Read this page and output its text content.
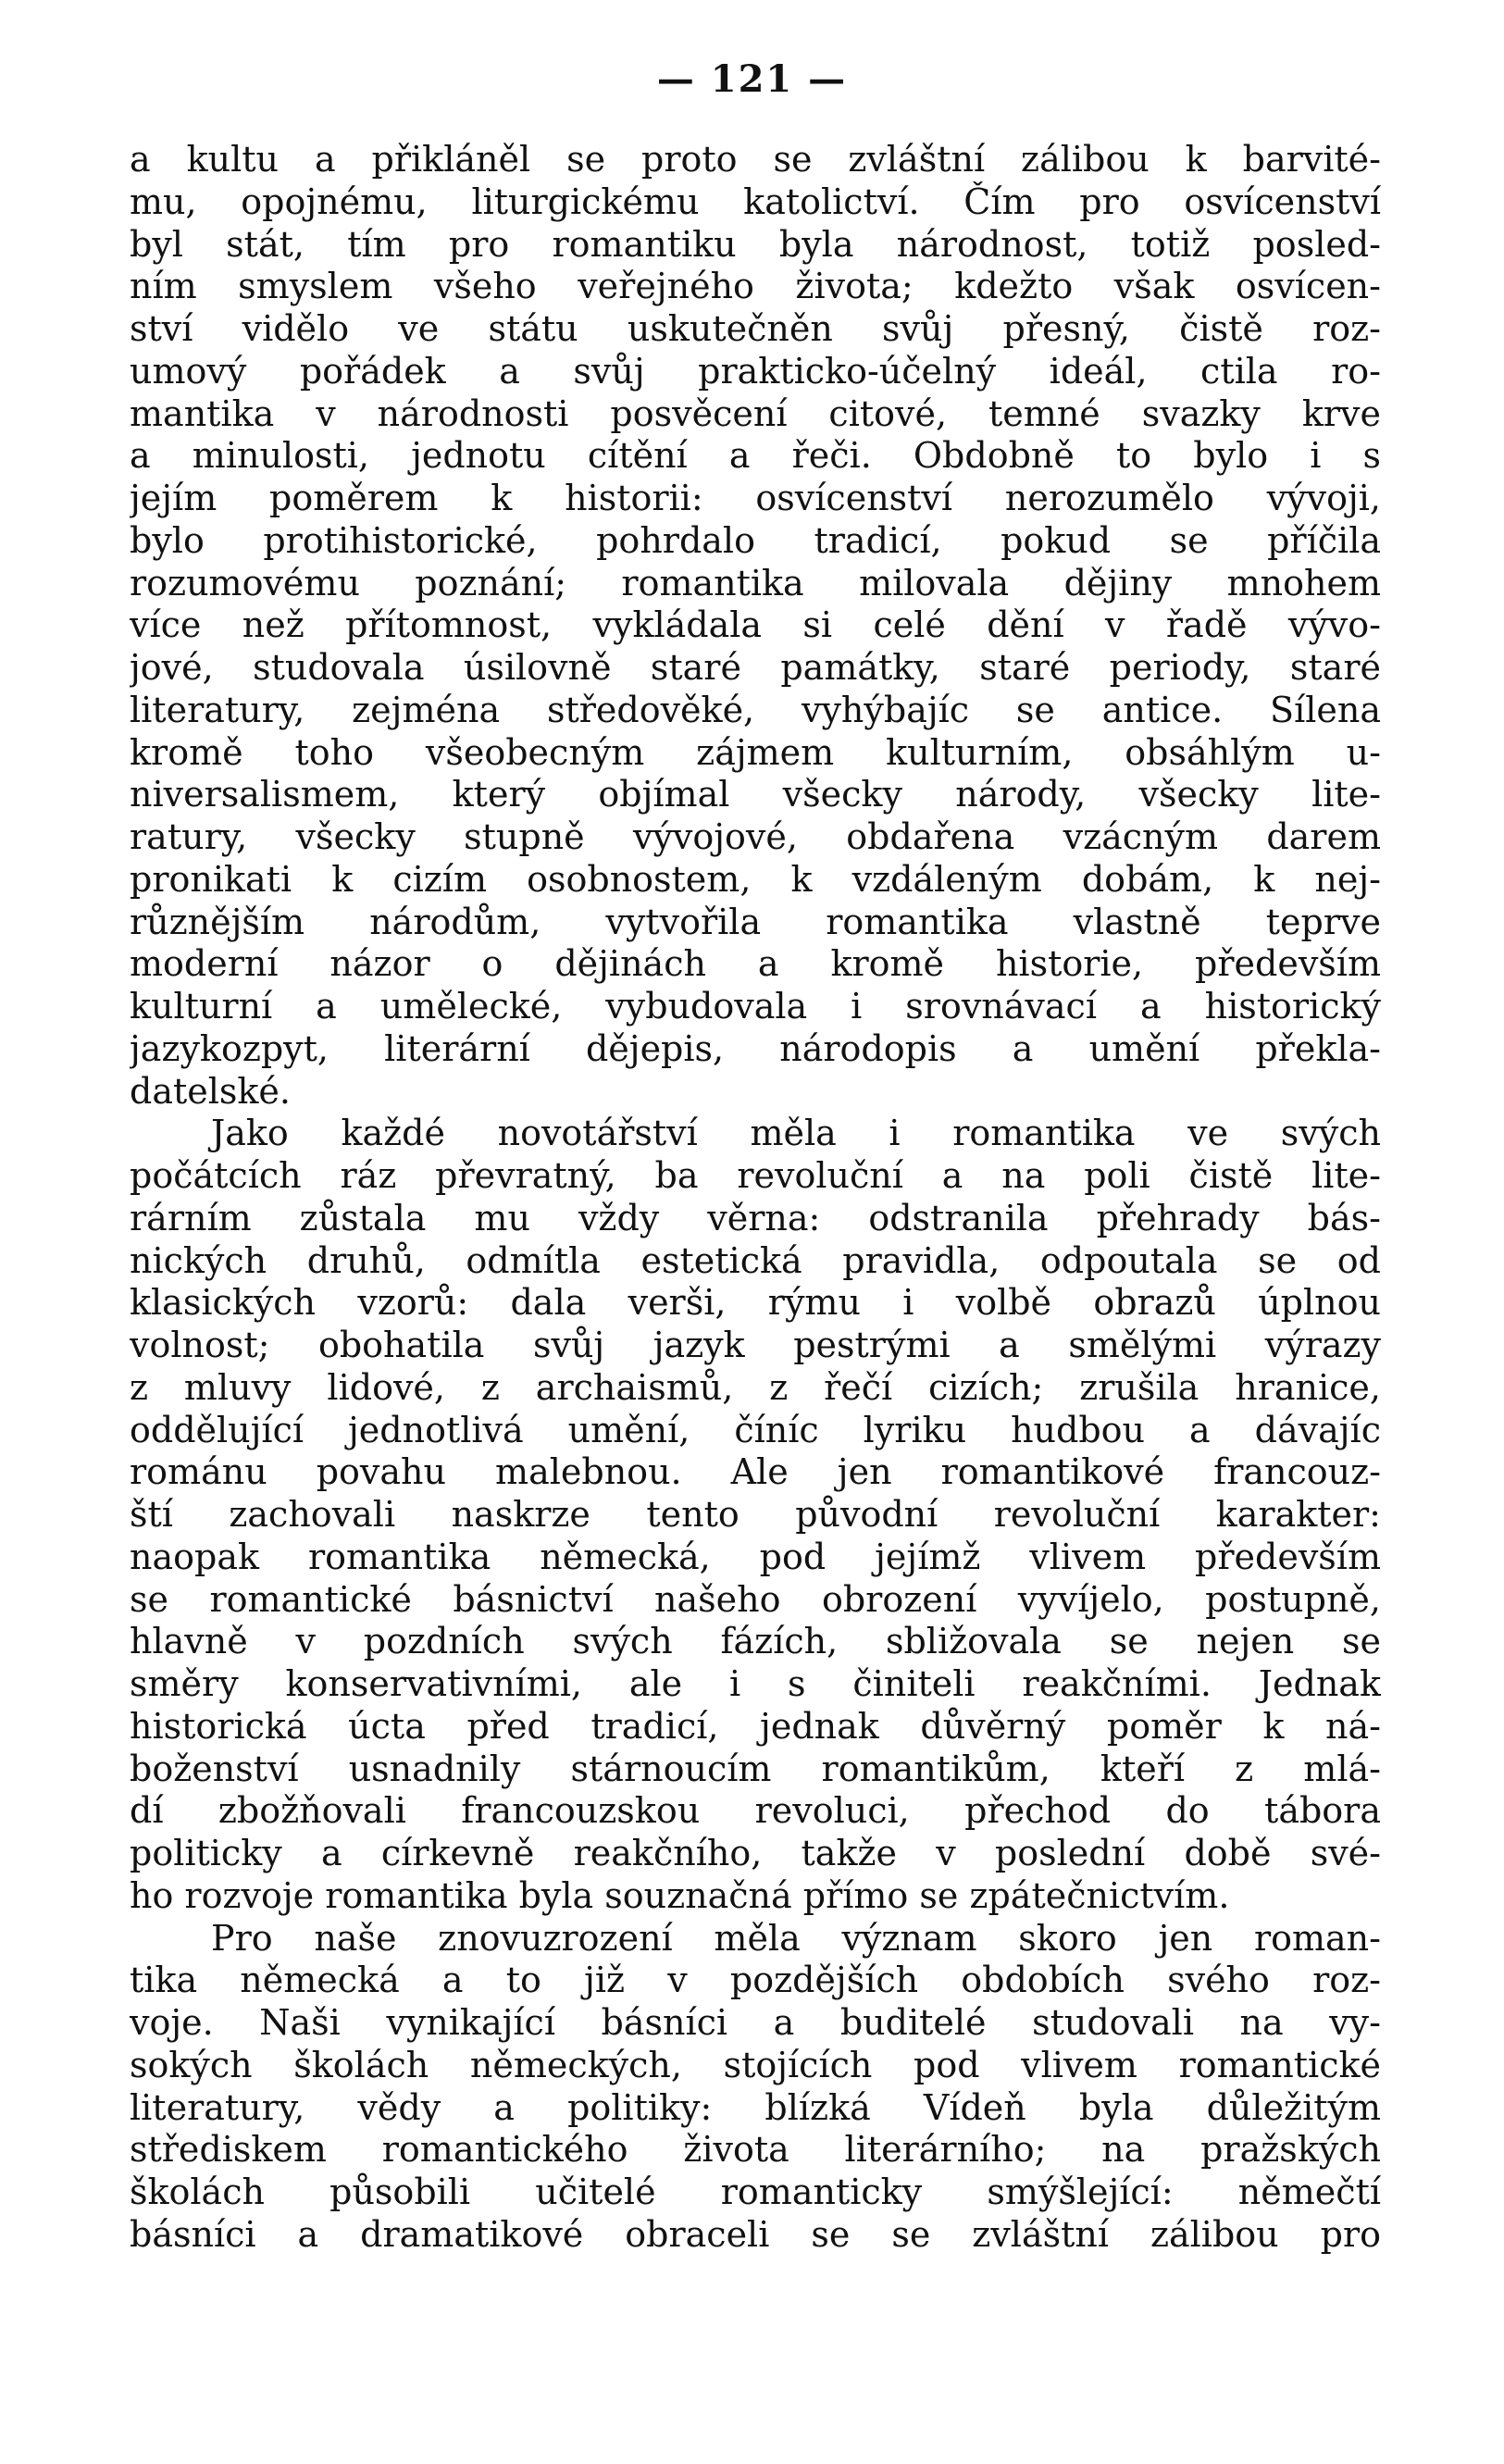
— 121 —
a kultu a přikláněl se proto se zvláštní zálibou k barvité-
mu, opojnému, liturgickému katolictví. Čím pro osvícenství
byl stát, tím pro romantiku byla národnost, totiž posled-
ním smyslem všeho veřejného života; kdežto však osvícen-
ství vidělo ve státu uskutečněn svůj přesný, čistě roz-
umový pořádek a svůj prakticko-účelný ideál, ctila ro-
mantika v národnosti posvěcení citové, temné svazky krve
a minulosti, jednotu cítění a řeči. Obdobně to bylo i s
jejím poměrem k historii: osvícenství nerozumělo vývoji,
bylo protihistorické, pohrdalo tradicí, pokud se příčila
rozumovému poznání; romantika milovala dějiny mnohem
více než přítomnost, vykládala si celé dění v řadě vývo-
jové, studovala úsilovně staré památky, staré periody, staré
literatury, zejména středověké, vyhýbajíc se antice. Sílena
kromě toho všeobecným zájmem kulturním, obsáhlým u-
niversalismem, který objímal všecky národy, všecky lite-
ratury, všecky stupně vývojové, obdařena vzácným darem
pronikati k cizím osobnostem, k vzdáleným dobám, k nej-
různějším národům, vytvořila romantika vlastně teprve
moderní názor o dějinách a kromě historie, především
kulturní a umělecké, vybudovala i srovnávací a historický
jazykozpyt, literární dějepis, národopis a umění překla-
datelské.
Jako každé novotářství měla i romantika ve svých
počátcích ráz převratný, ba revoluční a na poli čistě lite-
rárním zůstala mu vždy věrna: odstranila přehrady bás-
nických druhů, odmítla estetická pravidla, odpoutala se od
klasických vzorů: dala verši, rýmu i volbě obrazů úplnou
volnost; obohatila svůj jazyk pestrými a smělými výrazy
z mluvy lidové, z archaismů, z řečí cizích; zrušila hranice,
oddělující jednotlivá umění, číníc lyriku hudbou a dávajíc
románu povahu malebnou. Ale jen romantikové francouz-
ští zachovali naskrze tento původní revoluční karakter:
naopak romantika německá, pod jejímž vlivem především
se romantické básnictví našeho obrození vyvíjelo, postupně,
hlavně v pozdních svých fázích, sbližovala se nejen se
směry konservativními, ale i s činiteli reakčními. Jednak
historická úcta před tradicí, jednak důvěrný poměr k ná-
boženství usnadnily stárnoucím romantikům, kteří z mlá-
dí zbožňovali francouzskou revoluci, přechod do tábora
politicky a církevně reakčního, takže v poslední době své-
ho rozvoje romantika byla souznačná přímo se zpátečnictvím.
Pro naše znovuzrození měla význam skoro jen roman-
tika německá a to již v pozdějších obdobích svého roz-
voje. Naši vynikající básníci a buditelé studovali na vy-
sokých školách německých, stojících pod vlivem romantické
literatury, vědy a politiky: blízká Vídeň byla důležitým
střediskem romantického života literárního; na pražských
školách působili učitelé romanticky smýšlející: němečtí
básníci a dramatikové obraceli se se zvláštní zálibou pro
